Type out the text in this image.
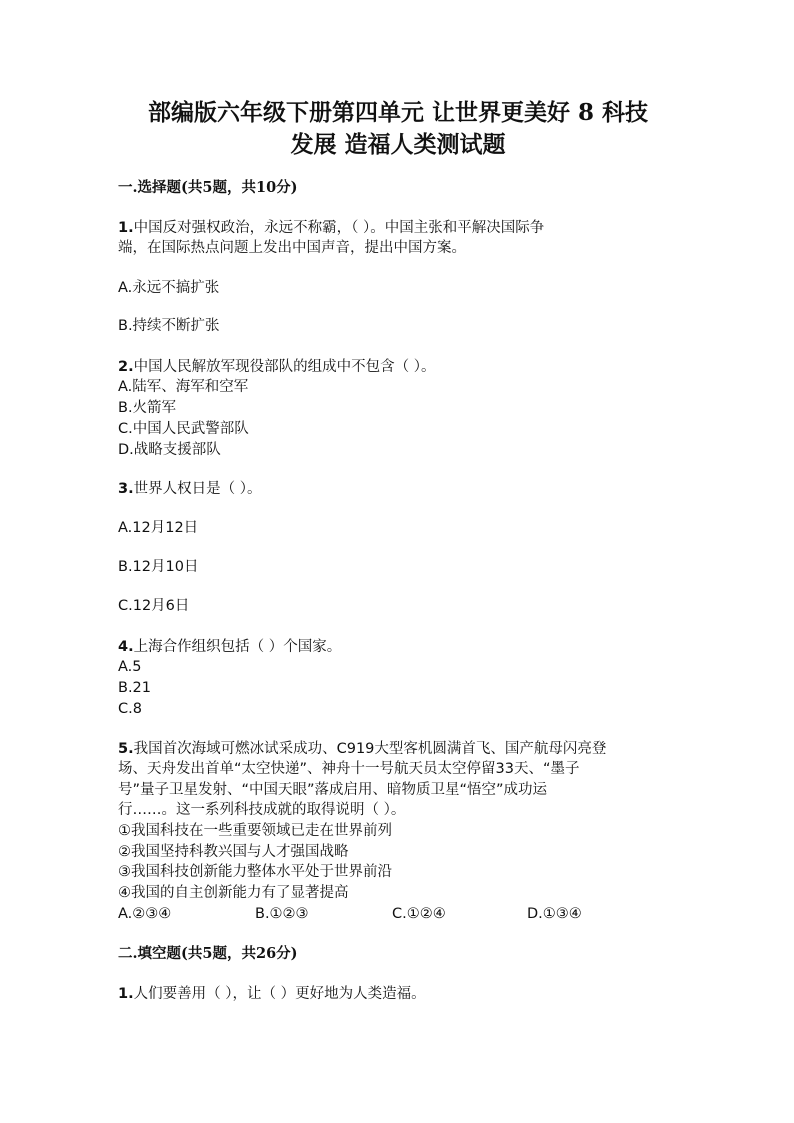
部编版六年级下册第四单元 让世界更美好 8 科技
发展 造福人类测试题
一.选择题(共5题，共10分)
1.中国反对强权政治，永远不称霸，（ ）。中国主张和平解决国际争
端，在国际热点问题上发出中国声音，提出中国方案。
A.永远不搞扩张
B.持续不断扩张
2.中国人民解放军现役部队的组成中不包含（ ）。
A.陆军、海军和空军
B.火箭军
C.中国人民武警部队
D.战略支援部队
3.世界人权日是（ ）。
A.12月12日
B.12月10日
C.12月6日
4.上海合作组织包括（ ）个国家。
A.5
B.21
C.8
5.我国首次海域可燃冰试采成功、C919大型客机圆满首飞、国产航母闪亮登
场、天舟发出首单“太空快递”、神舟十一号航天员太空停留33天、“墨子
号”量子卫星发射、“中国天眼”落成启用、暗物质卫星“悟空”成功运
行……。这一系列科技成就的取得说明（ ）。
①我国科技在一些重要领域已走在世界前列
②我国坚持科教兴国与人才强国战略
③我国科技创新能力整体水平处于世界前沿
④我国的自主创新能力有了显著提高
A.②③④	B.①②③	C.①②④	D.①③④
二.填空题(共5题，共26分)
1.人们要善用（ ），让（ ）更好地为人类造福。
